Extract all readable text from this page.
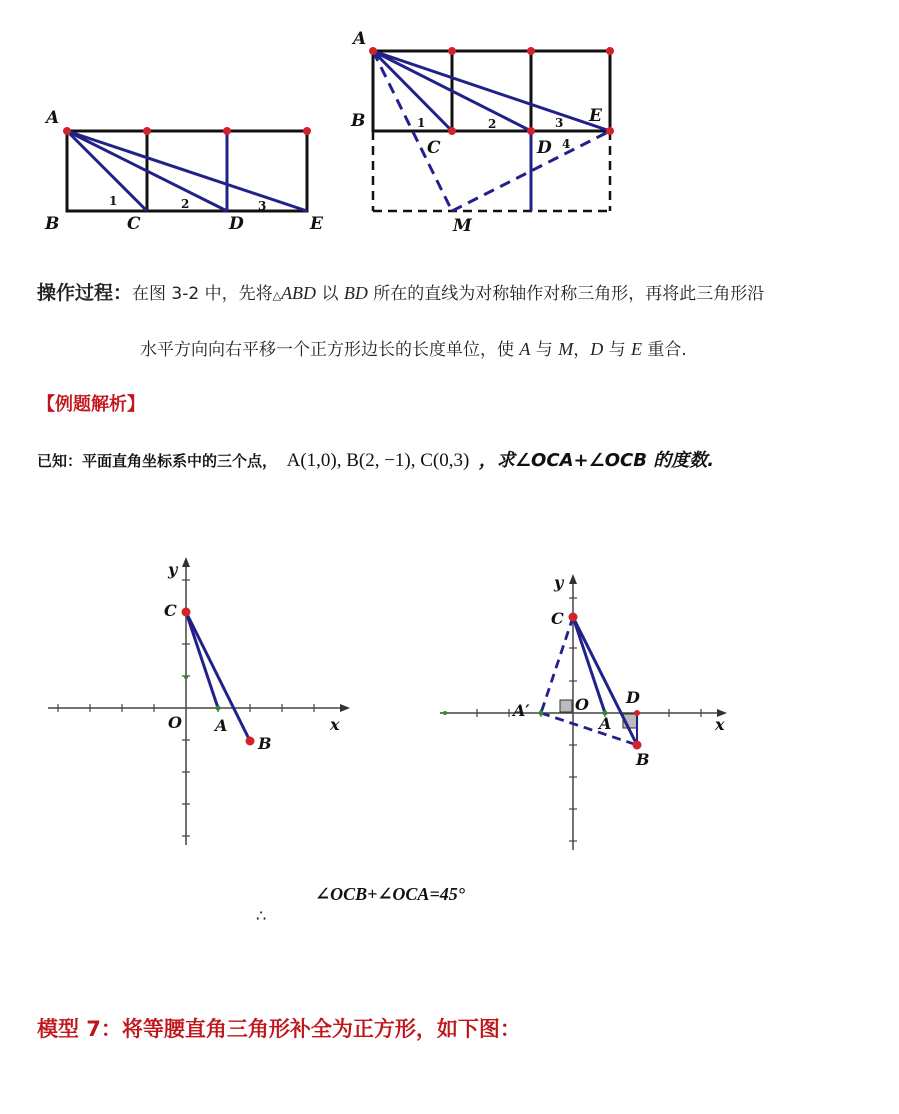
A
B	C	D	E
1	2	3
A
B
C	D
E
M
1	2	3
4
操作过程：在图 3-2 中，先将△ABD 以 BD 所在的直线为对称轴作对称三角形，再将此三角形沿
水平方向向右平移一个正方形边长的长度单位，使 A 与 M，D 与 E 重合.
【例题解析】
已知：平面直角坐标系中的三个点， A(1,0), B(2, −1), C(0,3) ，求∠OCA+∠OCB 的度数.
y
x
O A
B
C
y
x
O
A
A′
B
C
D
∠OCB+∠OCA=45°
∴
模型 7：将等腰直角三角形补全为正方形，如下图：
